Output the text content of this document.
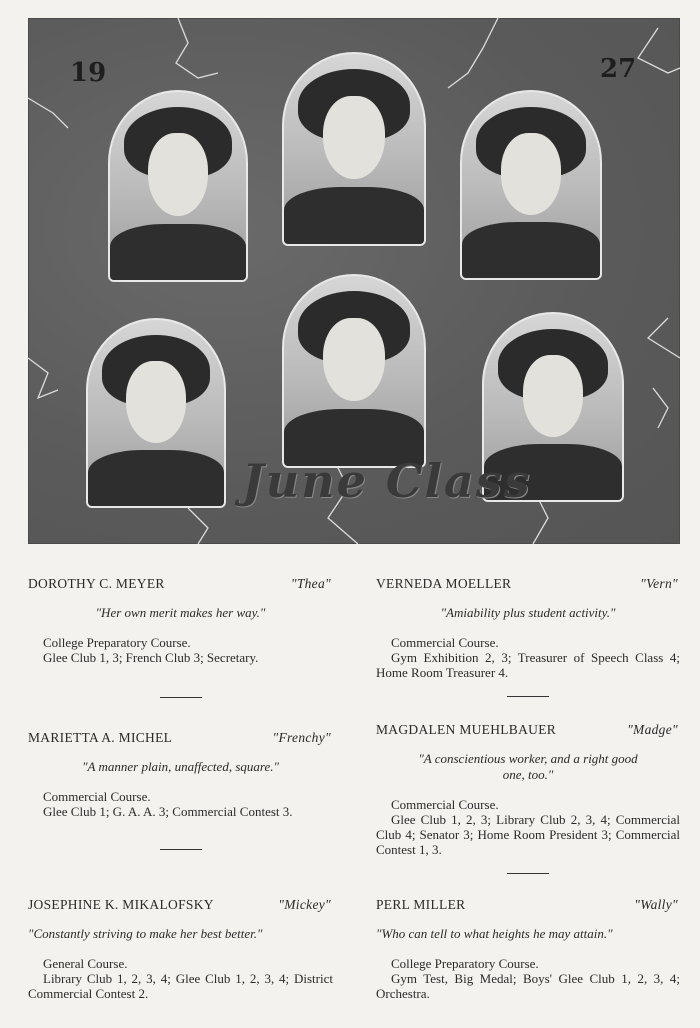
19	27
June Class
DOROTHY C. MEYER	"Thea"
"Her own merit makes her way."

College Preparatory Course.

Glee Club 1, 3; French Club 3; Secretary.

MARIETTA A. MICHEL	"Frenchy"
"A manner plain, unaffected, square."

Commercial Course.

Glee Club 1; G. A. A. 3; Commercial Contest 3.

JOSEPHINE K. MIKALOFSKY	"Mickey"
"Constantly striving to make her best better."

General Course.

Library Club 1, 2, 3, 4; Glee Club 1, 2, 3, 4; District Commercial Contest 2.

VERNEDA MOELLER	"Vern"
"Amiability plus student activity."

Commercial Course.

Gym Exhibition 2, 3; Treasurer of Speech Class 4; Home Room Treasurer 4.

MAGDALEN MUEHLBAUER	"Madge"
"A conscientious worker, and a right good one, too."

Commercial Course.

Glee Club 1, 2, 3; Library Club 2, 3, 4; Commercial Club 4; Senator 3; Home Room President 3; Commercial Contest 1, 3.

PERL MILLER	"Wally"
"Who can tell to what heights he may attain."

College Preparatory Course.

Gym Test, Big Medal; Boys' Glee Club 1, 2, 3, 4; Orchestra.
